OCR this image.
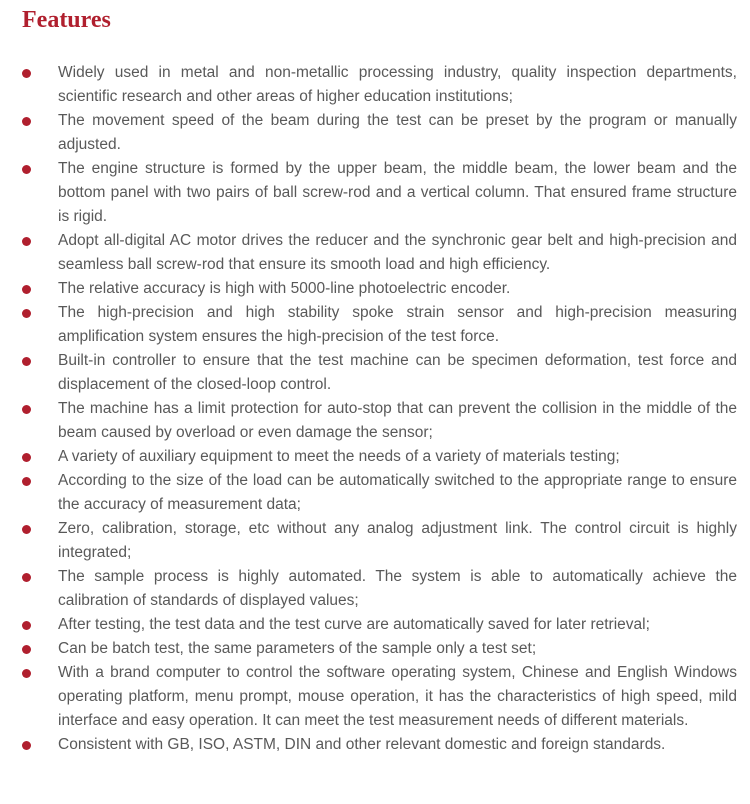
Features
Widely used in metal and non-metallic processing industry, quality inspection departments, scientific research and other areas of higher education institutions;
The movement speed of the beam during the test can be preset by the program or manually adjusted.
The engine structure is formed by the upper beam, the middle beam, the lower beam and the bottom panel with two pairs of ball screw-rod and a vertical column. That ensured frame structure is rigid.
Adopt all-digital AC motor drives the reducer and the synchronic gear belt and high-precision and seamless ball screw-rod that ensure its smooth load and high efficiency.
The relative accuracy is high with 5000-line photoelectric encoder.
The high-precision and high stability spoke strain sensor and high-precision measuring amplification system ensures the high-precision of the test force.
Built-in controller to ensure that the test machine can be specimen deformation, test force and displacement of the closed-loop control.
The machine has a limit protection for auto-stop that can prevent the collision in the middle of the beam caused by overload or even damage the sensor;
A variety of auxiliary equipment to meet the needs of a variety of materials testing;
According to the size of the load can be automatically switched to the appropriate range to ensure the accuracy of measurement data;
Zero, calibration, storage, etc without any analog adjustment link. The control circuit is highly integrated;
The sample process is highly automated. The system is able to automatically achieve the calibration of standards of displayed values;
After testing, the test data and the test curve are automatically saved for later retrieval;
Can be batch test, the same parameters of the sample only a test set;
With a brand computer to control the software operating system, Chinese and English Windows operating platform, menu prompt, mouse operation, it has the characteristics of high speed, mild interface and easy operation. It can meet the test measurement needs of different materials.
Consistent with GB, ISO, ASTM, DIN and other relevant domestic and foreign standards.
